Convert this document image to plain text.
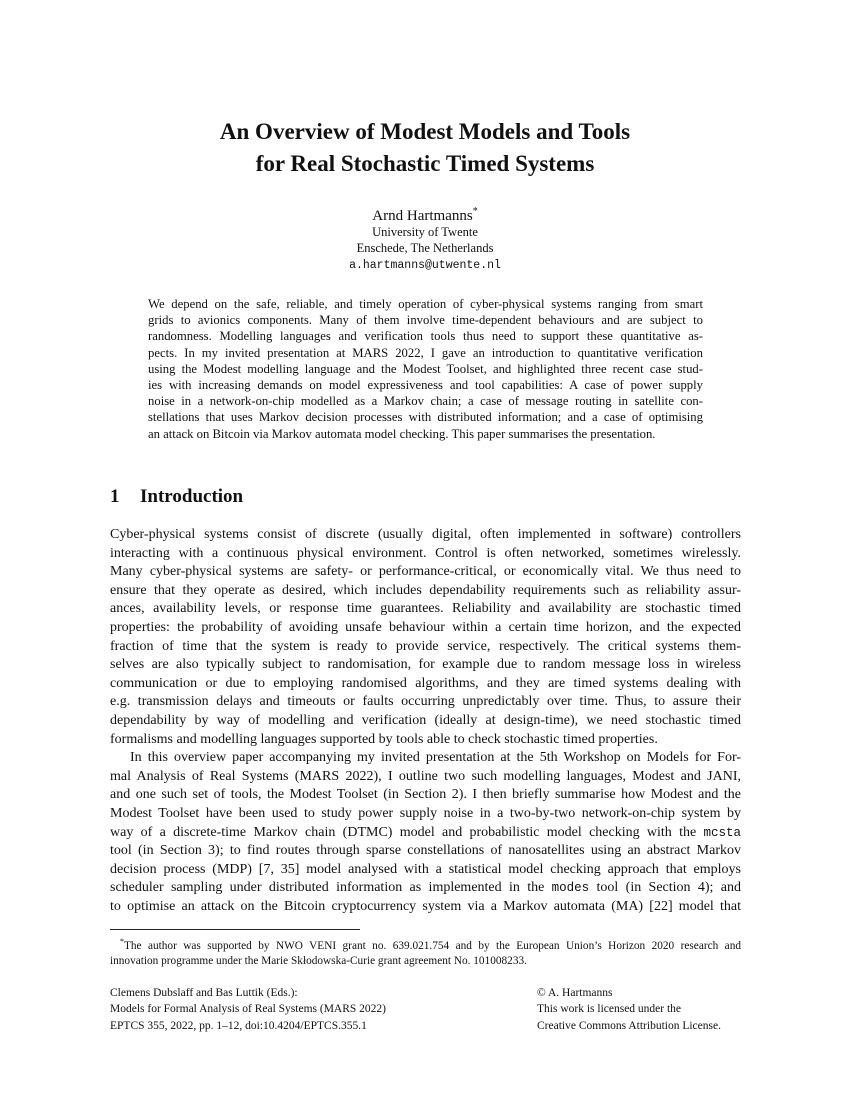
An Overview of Modest Models and Tools
for Real Stochastic Timed Systems
Arnd Hartmanns*
University of Twente
Enschede, The Netherlands
a.hartmanns@utwente.nl
We depend on the safe, reliable, and timely operation of cyber-physical systems ranging from smart
grids to avionics components. Many of them involve time-dependent behaviours and are subject to
randomness. Modelling languages and verification tools thus need to support these quantitative as-
pects. In my invited presentation at MARS 2022, I gave an introduction to quantitative verification
using the Modest modelling language and the Modest Toolset, and highlighted three recent case stud-
ies with increasing demands on model expressiveness and tool capabilities: A case of power supply
noise in a network-on-chip modelled as a Markov chain; a case of message routing in satellite con-
stellations that uses Markov decision processes with distributed information; and a case of optimising
an attack on Bitcoin via Markov automata model checking. This paper summarises the presentation.
1 Introduction
Cyber-physical systems consist of discrete (usually digital, often implemented in software) controllers
interacting with a continuous physical environment. Control is often networked, sometimes wirelessly.
Many cyber-physical systems are safety- or performance-critical, or economically vital. We thus need to
ensure that they operate as desired, which includes dependability requirements such as reliability assur-
ances, availability levels, or response time guarantees. Reliability and availability are stochastic timed
properties: the probability of avoiding unsafe behaviour within a certain time horizon, and the expected
fraction of time that the system is ready to provide service, respectively. The critical systems them-
selves are also typically subject to randomisation, for example due to random message loss in wireless
communication or due to employing randomised algorithms, and they are timed systems dealing with
e.g. transmission delays and timeouts or faults occurring unpredictably over time. Thus, to assure their
dependability by way of modelling and verification (ideally at design-time), we need stochastic timed
formalisms and modelling languages supported by tools able to check stochastic timed properties.
In this overview paper accompanying my invited presentation at the 5th Workshop on Models for For-
mal Analysis of Real Systems (MARS 2022), I outline two such modelling languages, Modest and JANI,
and one such set of tools, the Modest Toolset (in Section 2). I then briefly summarise how Modest and the
Modest Toolset have been used to study power supply noise in a two-by-two network-on-chip system by
way of a discrete-time Markov chain (DTMC) model and probabilistic model checking with the mcsta
tool (in Section 3); to find routes through sparse constellations of nanosatellites using an abstract Markov
decision process (MDP) [7, 35] model analysed with a statistical model checking approach that employs
scheduler sampling under distributed information as implemented in the modes tool (in Section 4); and
to optimise an attack on the Bitcoin cryptocurrency system via a Markov automata (MA) [22] model that
*The author was supported by NWO VENI grant no. 639.021.754 and by the European Union’s Horizon 2020 research and
innovation programme under the Marie Skłodowska-Curie grant agreement No. 101008233.
Clemens Dubslaff and Bas Luttik (Eds.):
Models for Formal Analysis of Real Systems (MARS 2022)
EPTCS 355, 2022, pp. 1–12, doi:10.4204/EPTCS.355.1
© A. Hartmanns
This work is licensed under the
Creative Commons Attribution License.
